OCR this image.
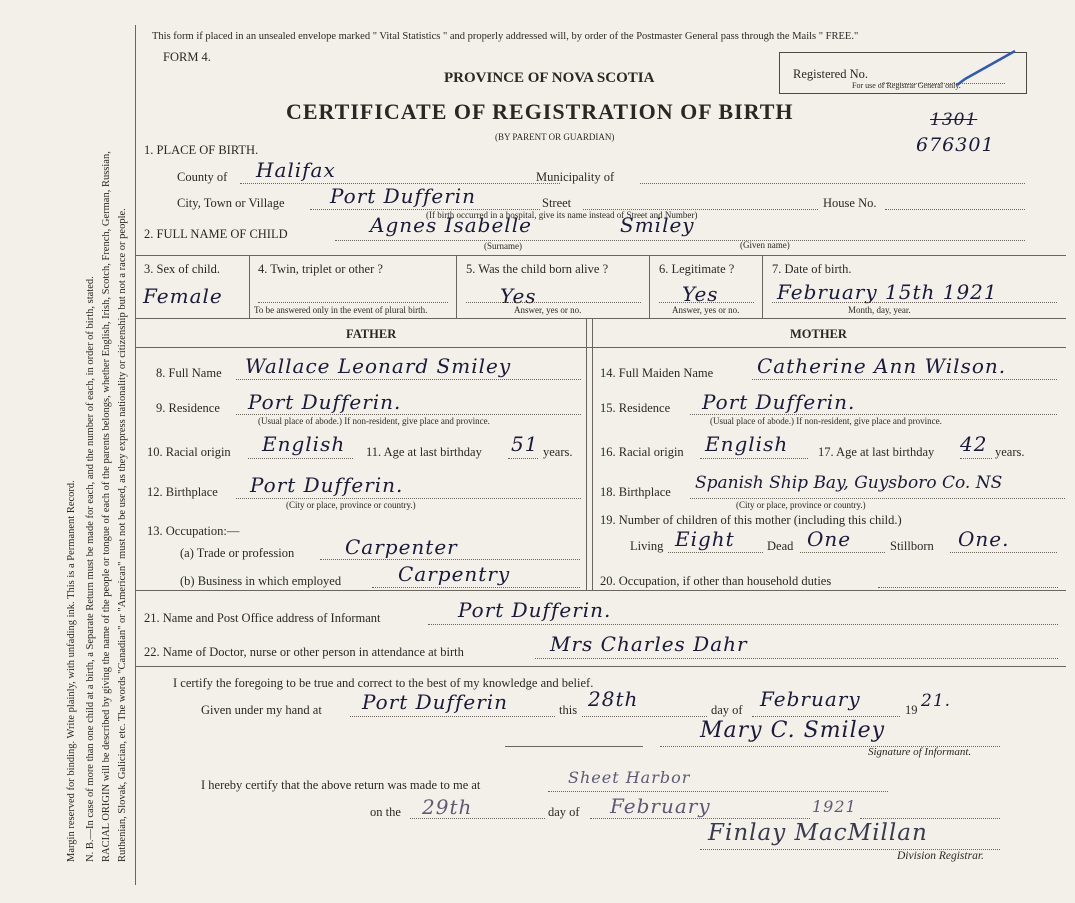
Margin reserved for binding. Write plainly, with unfading ink. This is a Permanent Record. N. B.—In case of more than one child at a birth, a Separate Return must be made for each, and the number of each, in order of birth, stated. RACIAL ORIGIN will be described by giving the name of the people or tongue of each of the parents belongs, whether English, Irish, Scotch, French, German, Russian, Ruthenian, Slovak, Galician, etc. The words "Canadian" or "American" must not be used, as they express nationality or citizenship but not a race or people.
This form if placed in an unsealed envelope marked " Vital Statistics " and properly addressed will, by order of the Postmaster General pass through the Mails " FREE."
FORM 4.
PROVINCE OF NOVA SCOTIA
CERTIFICATE OF REGISTRATION OF BIRTH
(BY PARENT OR GUARDIAN)
Registered No.
For use of Registrar General only.
1301
676301
1. PLACE OF BIRTH.
County of Halifax	Municipality of
City, Town or Village Port Dufferin	Street	House No.
(If birth occurred in a hospital, give its name instead of Street and Number)
2. FULL NAME OF CHILD	Agnes Isabelle	Smiley
(Surname)	(Given name)
3. Sex of child.
Female
4. Twin, triplet or other ?
To be answered only in the event of plural birth.
5. Was the child born alive ?
Yes
Answer, yes or no.
6. Legitimate ?
Yes
Answer, yes or no.
7. Date of birth.
February 15th 1921
Month, day, year.
FATHER	MOTHER
8. Full Name Wallace Leonard Smiley
9. Residence Port Dufferin.
(Usual place of abode.) If non-resident, give place and province.
10. Racial origin English 11. Age at last birthday 51 years.
12. Birthplace Port Dufferin.
(City or place, province or country.)
13. Occupation:—
(a) Trade or profession	Carpenter
(b) Business in which employed	Carpentry
14. Full Maiden Name Catherine Ann Wilson.
15. Residence Port Dufferin.
(Usual place of abode.) If non-resident, give place and province.
16. Racial origin English 17. Age at last birthday 42 years.
18. Birthplace Spanish Ship Bay, Guysboro Co. NS
(City or place, province or country.)
19. Number of children of this mother (including this child.)
Living Eight	Dead One	Stillborn One.
20. Occupation, if other than household duties
21. Name and Post Office address of Informant	Port Dufferin.
22. Name of Doctor, nurse or other person in attendance at birth	Mrs Charles Dahr
I certify the foregoing to be true and correct to the best of my knowledge and belief.
Given under my hand at Port Dufferin	this 28th	day of February	19 21.
Mary C. Smiley
Signature of Informant.
I hereby certify that the above return was made to me at	Sheet Harbor
on the 29th	day of February	1921
Finlay MacMillan
Division Registrar.
